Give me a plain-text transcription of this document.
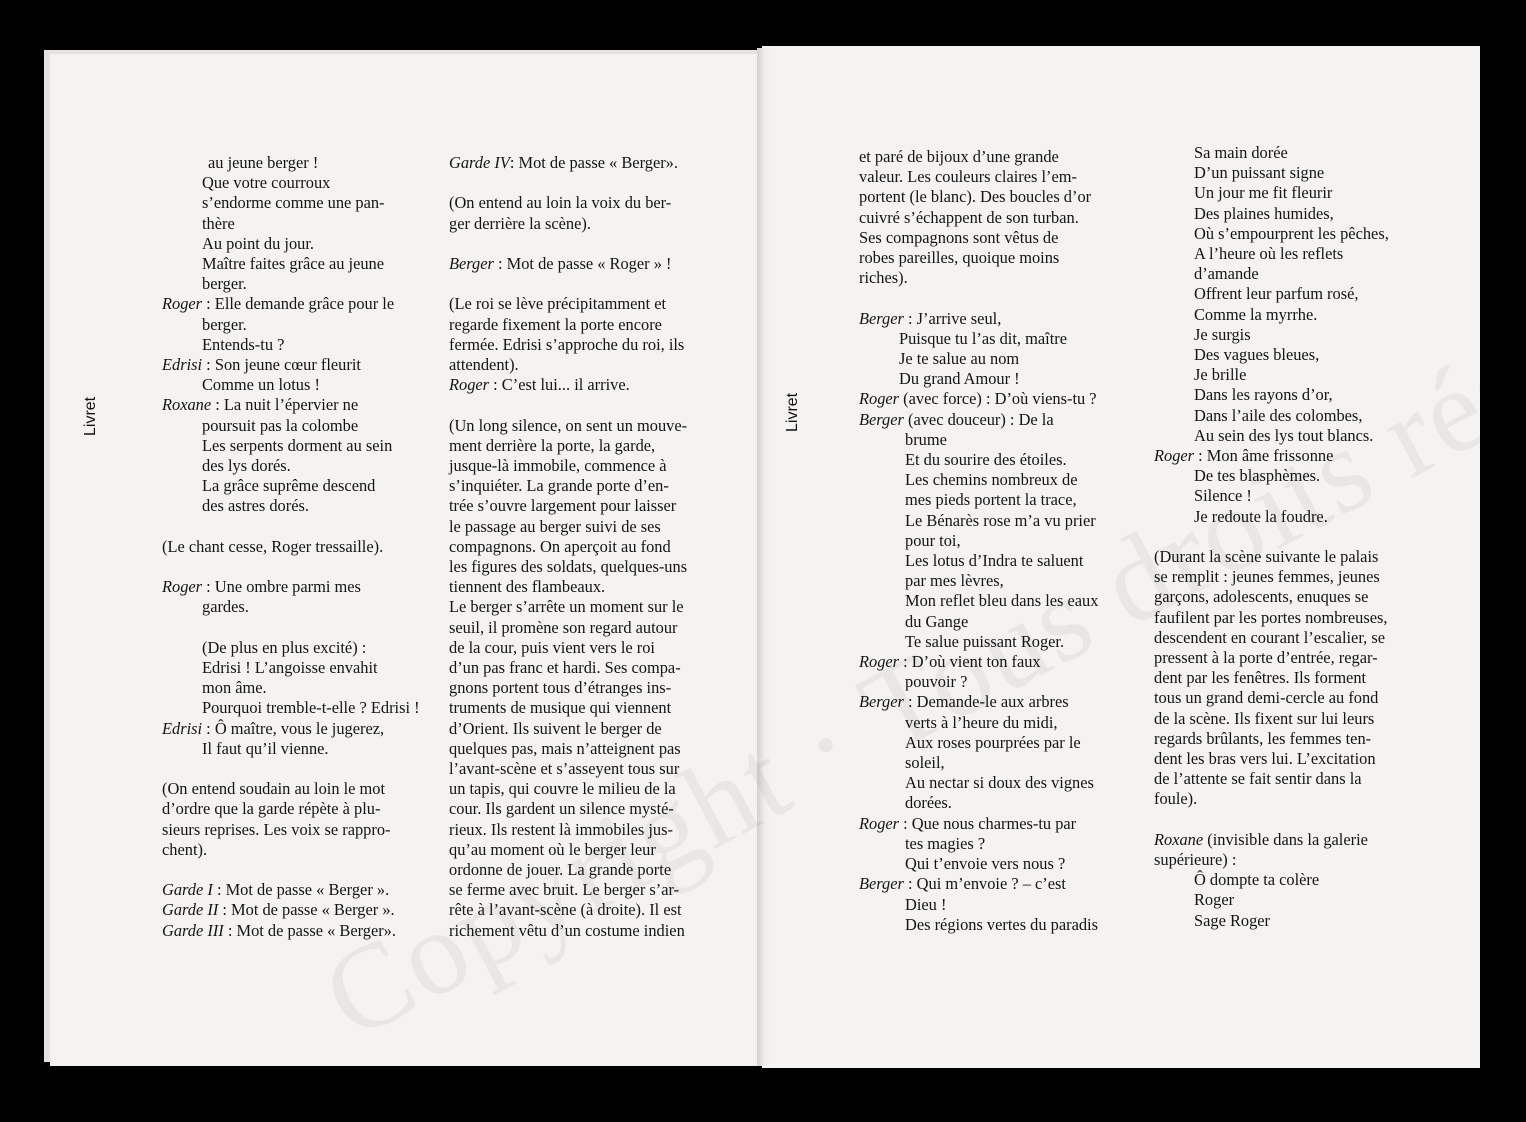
Livret	Livret
au jeune berger !
Que votre courroux
s’endorme comme une pan-
thère
Au point du jour.
Maître faites grâce au jeune
berger.
Roger : Elle demande grâce pour le
berger.
Entends-tu ?
Edrisi : Son jeune cœur fleurit
Comme un lotus !
Roxane : La nuit l’épervier ne
poursuit pas la colombe
Les serpents dorment au sein
des lys dorés.
La grâce suprême descend
des astres dorés.
(Le chant cesse, Roger tressaille).
Roger : Une ombre parmi mes
gardes.
(De plus en plus excité) :
Edrisi ! L’angoisse envahit
mon âme.
Pourquoi tremble-t-elle ? Edrisi !
Edrisi : Ô maître, vous le jugerez,
Il faut qu’il vienne.
(On entend soudain au loin le mot
d’ordre que la garde répète à plu-
sieurs reprises. Les voix se rappro-
chent).
Garde I : Mot de passe « Berger ».
Garde II : Mot de passe « Berger ».
Garde III : Mot de passe « Berger».
Garde IV: Mot de passe « Berger».
(On entend au loin la voix du ber-
ger derrière la scène).
Berger : Mot de passe « Roger » !
(Le roi se lève précipitamment et
regarde fixement la porte encore
fermée. Edrisi s’approche du roi, ils
attendent).
Roger : C’est lui... il arrive.
(Un long silence, on sent un mouve-
ment derrière la porte, la garde,
jusque-là immobile, commence à
s’inquiéter. La grande porte d’en-
trée s’ouvre largement pour laisser
le passage au berger suivi de ses
compagnons. On aperçoit au fond
les figures des soldats, quelques-uns
tiennent des flambeaux.
Le berger s’arrête un moment sur le
seuil, il promène son regard autour
de la cour, puis vient vers le roi
d’un pas franc et hardi. Ses compa-
gnons portent tous d’étranges ins-
truments de musique qui viennent
d’Orient. Ils suivent le berger de
quelques pas, mais n’atteignent pas
l’avant-scène et s’asseyent tous sur
un tapis, qui couvre le milieu de la
cour. Ils gardent un silence mysté-
rieux. Ils restent là immobiles jus-
qu’au moment où le berger leur
ordonne de jouer. La grande porte
se ferme avec bruit. Le berger s’ar-
rête à l’avant-scène (à droite). Il est
richement vêtu d’un costume indien
et paré de bijoux d’une grande
valeur. Les couleurs claires l’em-
portent (le blanc). Des boucles d’or
cuivré s’échappent de son turban.
Ses compagnons sont vêtus de
robes pareilles, quoique moins
riches).
Berger : J’arrive seul,
Puisque tu l’as dit, maître
Je te salue au nom
Du grand Amour !
Roger (avec force) : D’où viens-tu ?
Berger (avec douceur) : De la
brume
Et du sourire des étoiles.
Les chemins nombreux de
mes pieds portent la trace,
Le Bénarès rose m’a vu prier
pour toi,
Les lotus d’Indra te saluent
par mes lèvres,
Mon reflet bleu dans les eaux
du Gange
Te salue puissant Roger.
Roger : D’où vient ton faux
pouvoir ?
Berger : Demande-le aux arbres
verts à l’heure du midi,
Aux roses pourprées par le
soleil,
Au nectar si doux des vignes
dorées.
Roger : Que nous charmes-tu par
tes magies ?
Qui t’envoie vers nous ?
Berger : Qui m’envoie ? – c’est
Dieu !
Des régions vertes du paradis
Sa main dorée
D’un puissant signe
Un jour me fit fleurir
Des plaines humides,
Où s’empourprent les pêches,
A l’heure où les reflets
d’amande
Offrent leur parfum rosé,
Comme la myrrhe.
Je surgis
Des vagues bleues,
Je brille
Dans les rayons d’or,
Dans l’aile des colombes,
Au sein des lys tout blancs.
Roger : Mon âme frissonne
De tes blasphèmes.
Silence !
Je redoute la foudre.
(Durant la scène suivante le palais
se remplit : jeunes femmes, jeunes
garçons, adolescents, enuques se
faufilent par les portes nombreuses,
descendent en courant l’escalier, se
pressent à la porte d’entrée, regar-
dent par les fenêtres. Ils forment
tous un grand demi-cercle au fond
de la scène. Ils fixent sur lui leurs
regards brûlants, les femmes ten-
dent les bras vers lui. L’excitation
de l’attente se fait sentir dans la
foule).
Roxane (invisible dans la galerie
supérieure) :
Ô dompte ta colère
Roger
Sage Roger
